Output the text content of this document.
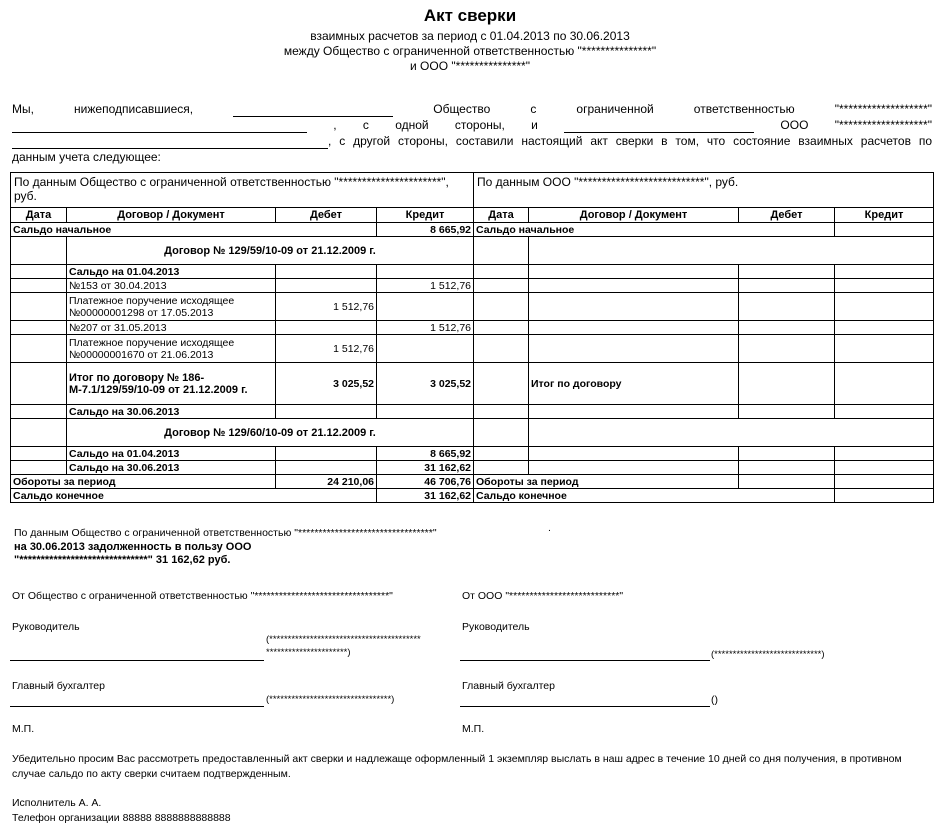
Акт сверки
взаимных расчетов за период с 01.04.2013 по 30.06.2013
между Общество с ограниченной ответственностью "***************"
и ООО "***************"
Мы,	нижеподписавшиеся,	Общество	с	ограниченной	ответственностью	"*******************"
, с одной стороны, и	ООО "*******************"
, с другой стороны, составили настоящий акт сверки в том, что состояние взаимных расчетов по
данным учета следующее:
По данным Общество с ограниченной ответственностью "**********************", руб.				По данным ООО "***************************", руб.			
Дата	Договор / Документ	Дебет	Кредит	Дата	Договор / Документ	Дебет	Кредит
Сальдо начальное			8 665,92	Сальдо начальное			
	Договор № 129/59/10-09 от 21.12.2009 г.						
	Сальдо на 01.04.2013						
	№153 от 30.04.2013		1 512,76				
	Платежное поручение исходящее №00000001298 от 17.05.2013	1 512,76					
	№207 от 31.05.2013		1 512,76				
	Платежное поручение исходящее №00000001670 от 21.06.2013	1 512,76					
	Итог по договору № 186-М-7.1/129/59/10-09 от 21.12.2009 г.	3 025,52	3 025,52		Итог по договору		
	Сальдо на 30.06.2013						
	Договор № 129/60/10-09 от 21.12.2009 г.						
	Сальдо на 01.04.2013		8 665,92				
	Сальдо на 30.06.2013		31 162,62				
Обороты за период		24 210,06	46 706,76	Обороты за период			
Сальдо конечное			31 162,62	Сальдо конечное			
По данным Общество с ограниченной ответственностью "*********************************"	.
на 30.06.2013 задолженность в пользу ООО
"******************************" 31 162,62 руб.
От Общество с ограниченной ответственностью "*********************************"	От ООО "***************************"
Руководитель	Руководитель
(*****************************************
**********************)	(*****************************)
Главный бухгалтер	Главный бухгалтер
(*********************************)	()
М.П.	М.П.
Убедительно просим Вас рассмотреть предоставленный акт сверки и надлежаще оформленный 1 экземпляр выслать в наш адрес в течение 10 дней со дня получения, в противном случае сальдо по акту сверки считаем подтвержденным.
Исполнитель А. А.
Телефон организации 88888 8888888888888
